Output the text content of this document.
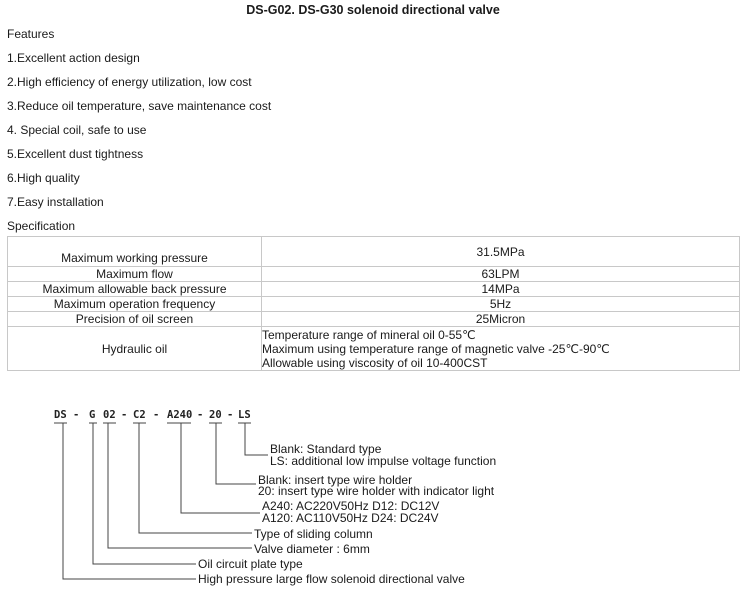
DS-G02. DS-G30 solenoid directional valve
Features
1.Excellent action design
2.High efficiency of energy utilization, low cost
3.Reduce oil temperature, save maintenance cost
4. Special coil, safe to use
5.Excellent dust tightness
6.High quality
7.Easy installation
Specification
Maximum working pressure	31.5MPa
Maximum flow	63LPM
Maximum allowable back pressure	14MPa
Maximum operation frequency	5Hz
Precision of oil screen	25Micron
Hydraulic oil	Temperature range of mineral oil 0-55℃
Maximum using temperature range of magnetic valve -25℃-90℃
Allowable using viscosity of oil 10-400CST
DS - G 02 - C2 - A240 - 20 - LS
Blank: Standard type
LS: additional low impulse voltage function
Blank: insert type wire holder
20: insert type wire holder with indicator light
A240: AC220V50Hz D12: DC12V
A120: AC110V50Hz D24: DC24V
Type of sliding column
Valve diameter : 6mm
Oil circuit plate type
High pressure large flow solenoid directional valve
